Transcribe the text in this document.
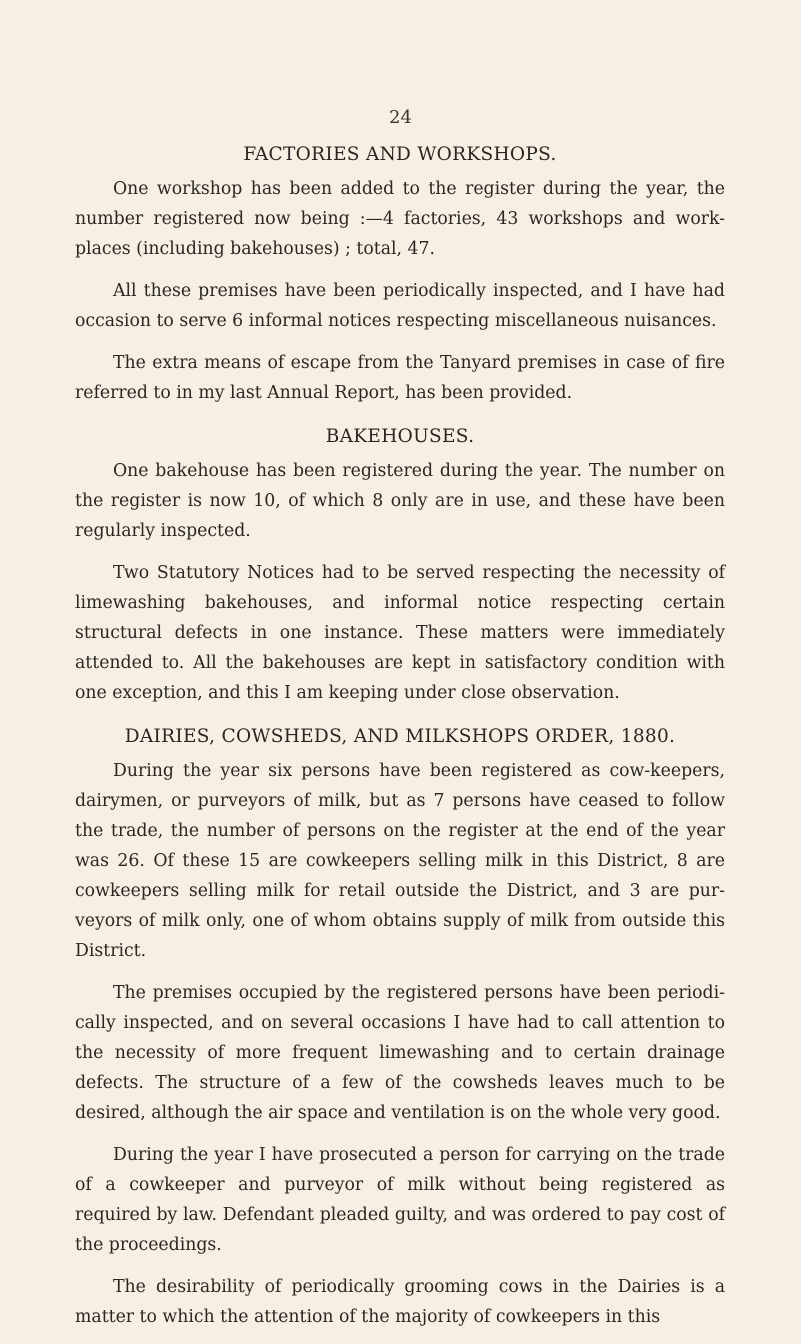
24
FACTORIES AND WORKSHOPS.

One workshop has been added to the register during the year, the number registered now being :—4 factories, 43 workshops and work- places (including bakehouses) ; total, 47.

All these premises have been periodically inspected, and I have had occasion to serve 6 informal notices respecting miscellaneous nuisances.

The extra means of escape from the Tanyard premises in case of fire referred to in my last Annual Report, has been provided.

BAKEHOUSES.

One bakehouse has been registered during the year. The number on the register is now 10, of which 8 only are in use, and these have been regularly inspected.

Two Statutory Notices had to be served respecting the necessity of limewashing bakehouses, and informal notice respecting certain structural defects in one instance. These matters were immediately attended to. All the bakehouses are kept in satisfactory condition with one exception, and this I am keeping under close observation.

DAIRIES, COWSHEDS, AND MILKSHOPS ORDER, 1880.

During the year six persons have been registered as cow-keepers, dairymen, or purveyors of milk, but as 7 persons have ceased to follow the trade, the number of persons on the register at the end of the year was 26. Of these 15 are cowkeepers selling milk in this District, 8 are cowkeepers selling milk for retail outside the District, and 3 are pur- veyors of milk only, one of whom obtains supply of milk from outside this District.

The premises occupied by the registered persons have been periodi- cally inspected, and on several occasions I have had to call attention to the necessity of more frequent limewashing and to certain drainage defects. The structure of a few of the cowsheds leaves much to be desired, although the air space and ventilation is on the whole very good.

During the year I have prosecuted a person for carrying on the trade of a cowkeeper and purveyor of milk without being registered as required by law. Defendant pleaded guilty, and was ordered to pay cost of the proceedings.

The desirability of periodically grooming cows in the Dairies is a matter to which the attention of the majority of cowkeepers in this
